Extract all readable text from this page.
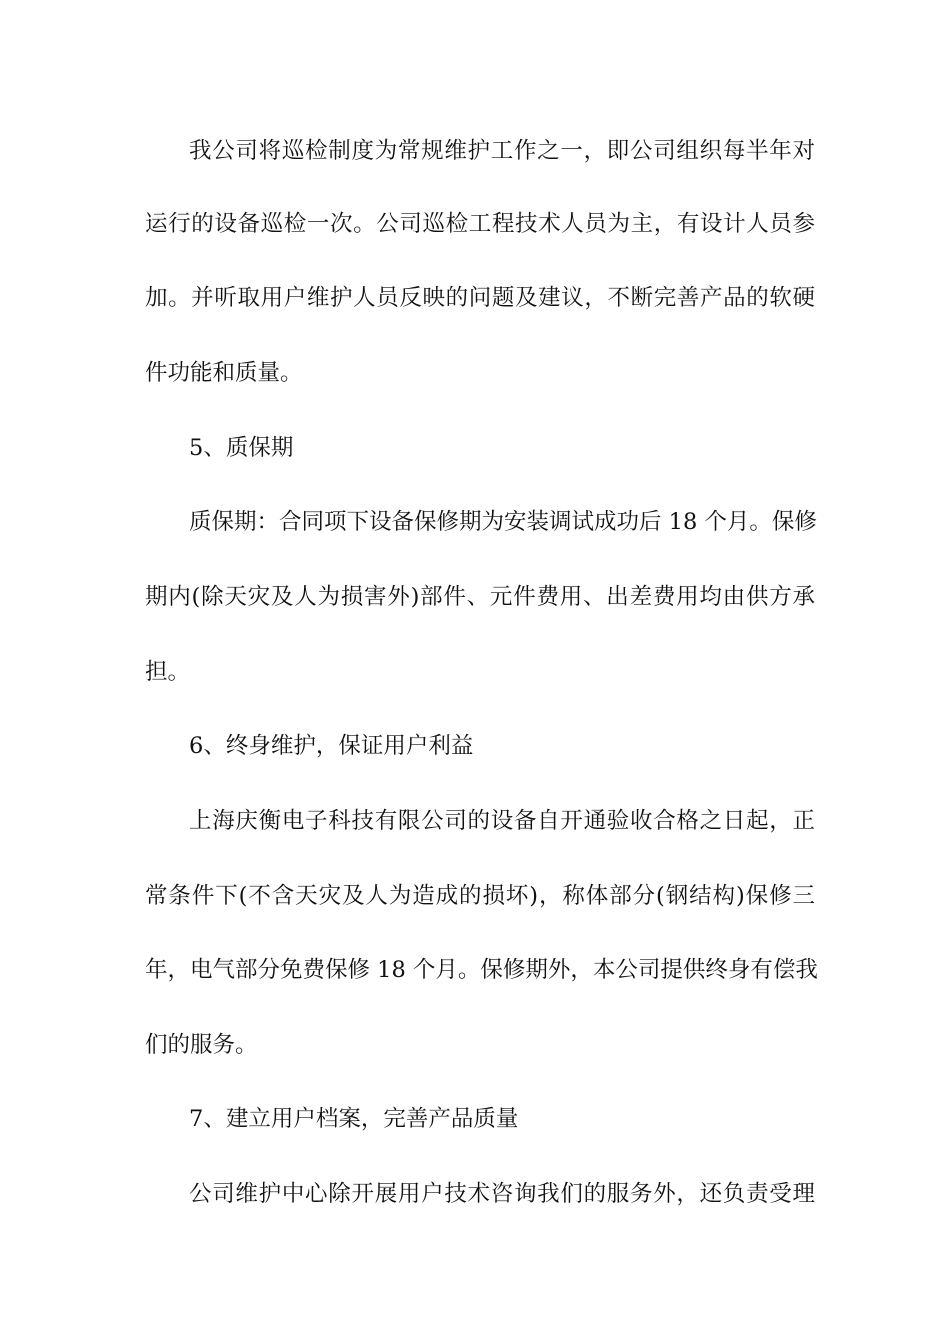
我公司将巡检制度为常规维护工作之一，即公司组织每半年对

运行的设备巡检一次。公司巡检工程技术人员为主，有设计人员参

加。并听取用户维护人员反映的问题及建议，不断完善产品的软硬

件功能和质量。

5、质保期

质保期：合同项下设备保修期为安装调试成功后 18 个月。保修

期内(除天灾及人为损害外)部件、元件费用、出差费用均由供方承

担。

6、终身维护，保证用户利益

上海庆衡电子科技有限公司的设备自开通验收合格之日起，正

常条件下(不含天灾及人为造成的损坏)，称体部分(钢结构)保修三

年，电气部分免费保修 18 个月。保修期外，本公司提供终身有偿我

们的服务。

7、建立用户档案，完善产品质量

公司维护中心除开展用户技术咨询我们的服务外，还负责受理
